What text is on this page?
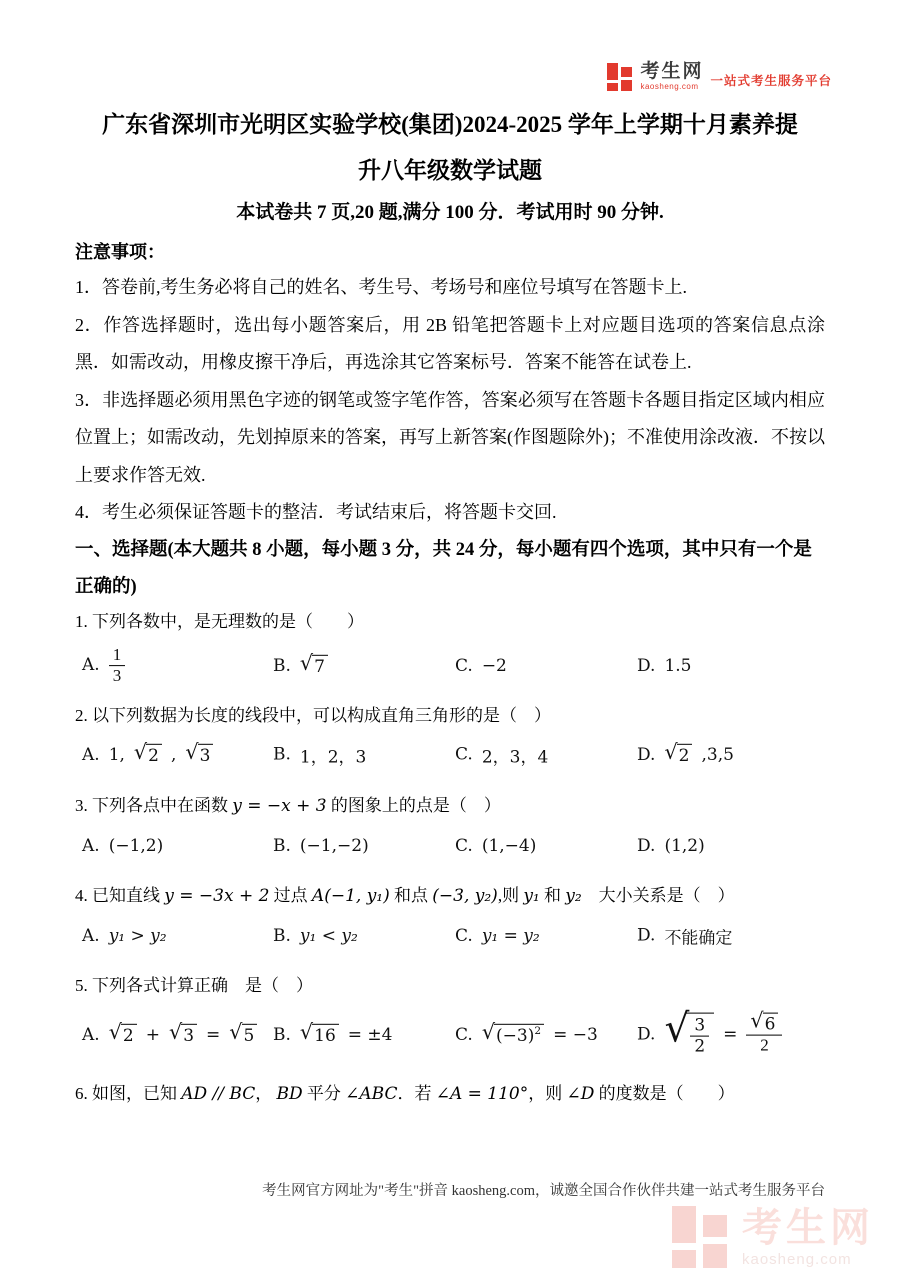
考生网
kaosheng.com 一站式考生服务平台
广东省深圳市光明区实验学校(集团)2024-2025 学年上学期十月素养提
升八年级数学试题
本试卷共 7 页,20 题,满分 100 分．考试用时 90 分钟.
注意事项：
1．答卷前,考生务必将自己的姓名、考生号、考场号和座位号填写在答题卡上.
2．作答选择题时，选出每小题答案后，用 2B 铅笔把答题卡上对应题目选项的答案信息点涂黑．如需改动，用橡皮擦干净后，再选涂其它答案标号．答案不能答在试卷上.
3．非选择题必须用黑色字迹的钢笔或签字笔作答，答案必须写在答题卡各题目指定区域内相应位置上；如需改动，先划掉原来的答案，再写上新答案(作图题除外)；不准使用涂改液．不按以上要求作答无效.
4．考生必须保证答题卡的整洁．考试结束后，将答题卡交回.
一、选择题(本大题共 8 小题，每小题 3 分，共 24 分，每小题有四个选项，其中只有一个是
正确的)
1. 下列各数中，是无理数的是（　　）
A. $\frac{1}{3}$	B. √ 7	C. −2	D. 1.5
2. 以下列数据为长度的线段中，可以构成直角三角形的是（　）
A. 1, √ 2 , √ 3	B. 1，2，3	C. 2，3，4	D. √ 2 ,3,5
3. 下列各点中在函数 y = −x + 3 的图象上的点是（　）
A. (−1,2)	B. (−1,−2)	C. (1,−4)	D. (1,2)
4. 已知直线 y = −3x + 2 过点 A(−1, y₁) 和点 (−3, y₂),则 y₁ 和 y₂　大小关系是（　）
A. y₁ > y₂	B. y₁ < y₂	C. y₁ = y₂	D. 不能确定
5. 下列各式计算正确　是（　）
A. √ 2 + √ 3 = √ 5 B. √ 16 = ±4	C. √ $(-3)^2 = -3$ D. √ $\frac{3}{2} = \frac{√ 6}{2}$
6. 如图，已知 AD // BC， BD 平分 ∠ABC．若 ∠A = 110°，则 ∠D 的度数是（　　）
考生网官方网址为"考生"拼音 kaosheng.com，诚邀全国合作伙伴共建一站式考生服务平台
考生网
kaosheng.com
